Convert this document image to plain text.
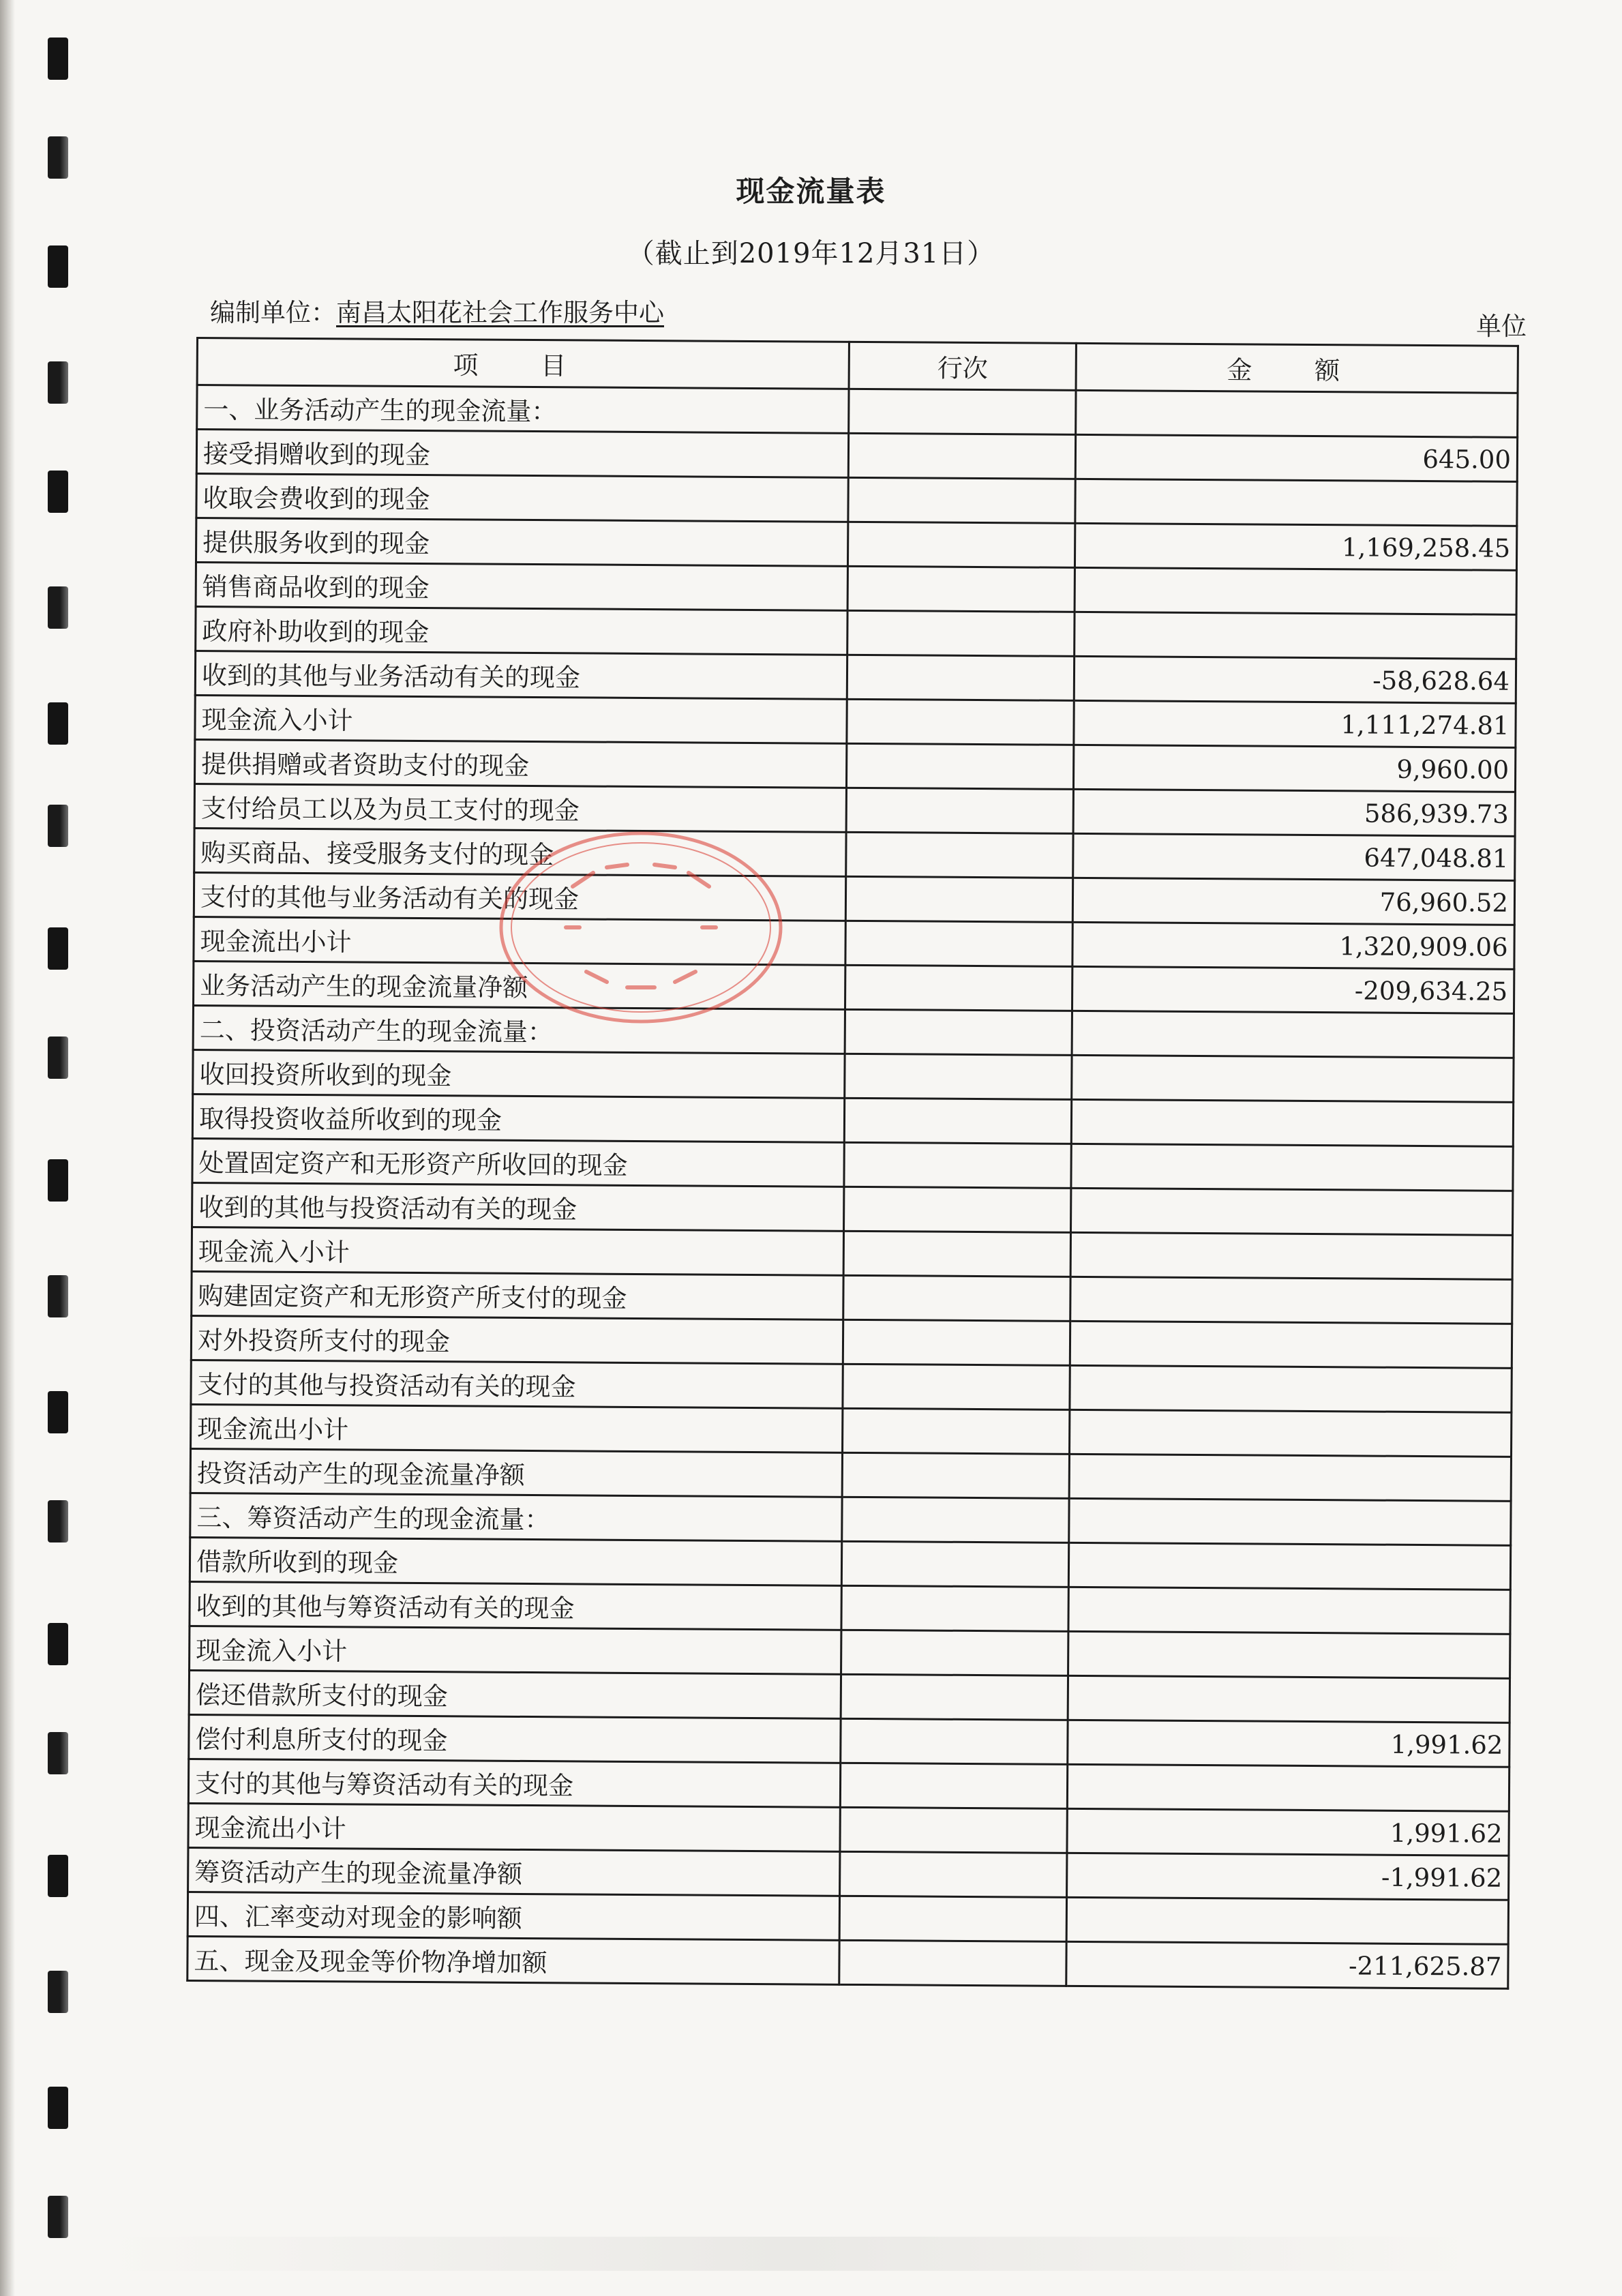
现金流量表
（截止到2019年12月31日）
编制单位：南昌太阳花社会工作服务中心	单位
项 目	行次	金 额
一、业务活动产生的现金流量：		
接受捐赠收到的现金		645.00
收取会费收到的现金		
提供服务收到的现金		1,169,258.45
销售商品收到的现金		
政府补助收到的现金		
收到的其他与业务活动有关的现金		-58,628.64
现金流入小计		1,111,274.81
提供捐赠或者资助支付的现金		9,960.00
支付给员工以及为员工支付的现金		586,939.73
购买商品、接受服务支付的现金		647,048.81
支付的其他与业务活动有关的现金		76,960.52
现金流出小计		1,320,909.06
业务活动产生的现金流量净额		-209,634.25
二、投资活动产生的现金流量：		
收回投资所收到的现金		
取得投资收益所收到的现金		
处置固定资产和无形资产所收回的现金		
收到的其他与投资活动有关的现金		
现金流入小计		
购建固定资产和无形资产所支付的现金		
对外投资所支付的现金		
支付的其他与投资活动有关的现金		
现金流出小计		
投资活动产生的现金流量净额		
三、筹资活动产生的现金流量：		
借款所收到的现金		
收到的其他与筹资活动有关的现金		
现金流入小计		
偿还借款所支付的现金		
偿付利息所支付的现金		1,991.62
支付的其他与筹资活动有关的现金		
现金流出小计		1,991.62
筹资活动产生的现金流量净额		-1,991.62
四、汇率变动对现金的影响额		
五、现金及现金等价物净增加额		-211,625.87
